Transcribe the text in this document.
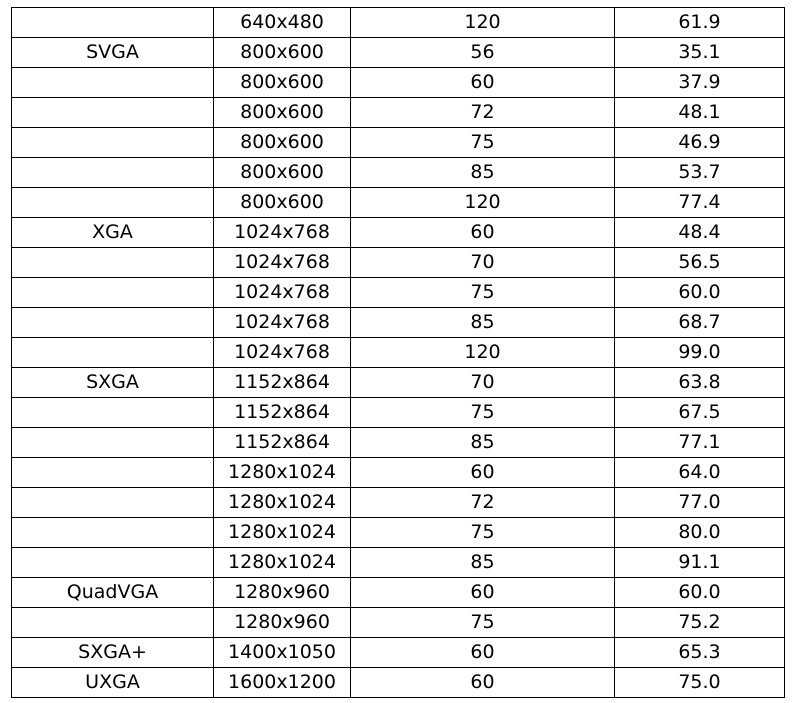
	640x480	120	61.9
SVGA	800x600	56	35.1
	800x600	60	37.9
	800x600	72	48.1
	800x600	75	46.9
	800x600	85	53.7
	800x600	120	77.4
XGA	1024x768	60	48.4
	1024x768	70	56.5
	1024x768	75	60.0
	1024x768	85	68.7
	1024x768	120	99.0
SXGA	1152x864	70	63.8
	1152x864	75	67.5
	1152x864	85	77.1
	1280x1024	60	64.0
	1280x1024	72	77.0
	1280x1024	75	80.0
	1280x1024	85	91.1
QuadVGA	1280x960	60	60.0
	1280x960	75	75.2
SXGA+	1400x1050	60	65.3
UXGA	1600x1200	60	75.0
